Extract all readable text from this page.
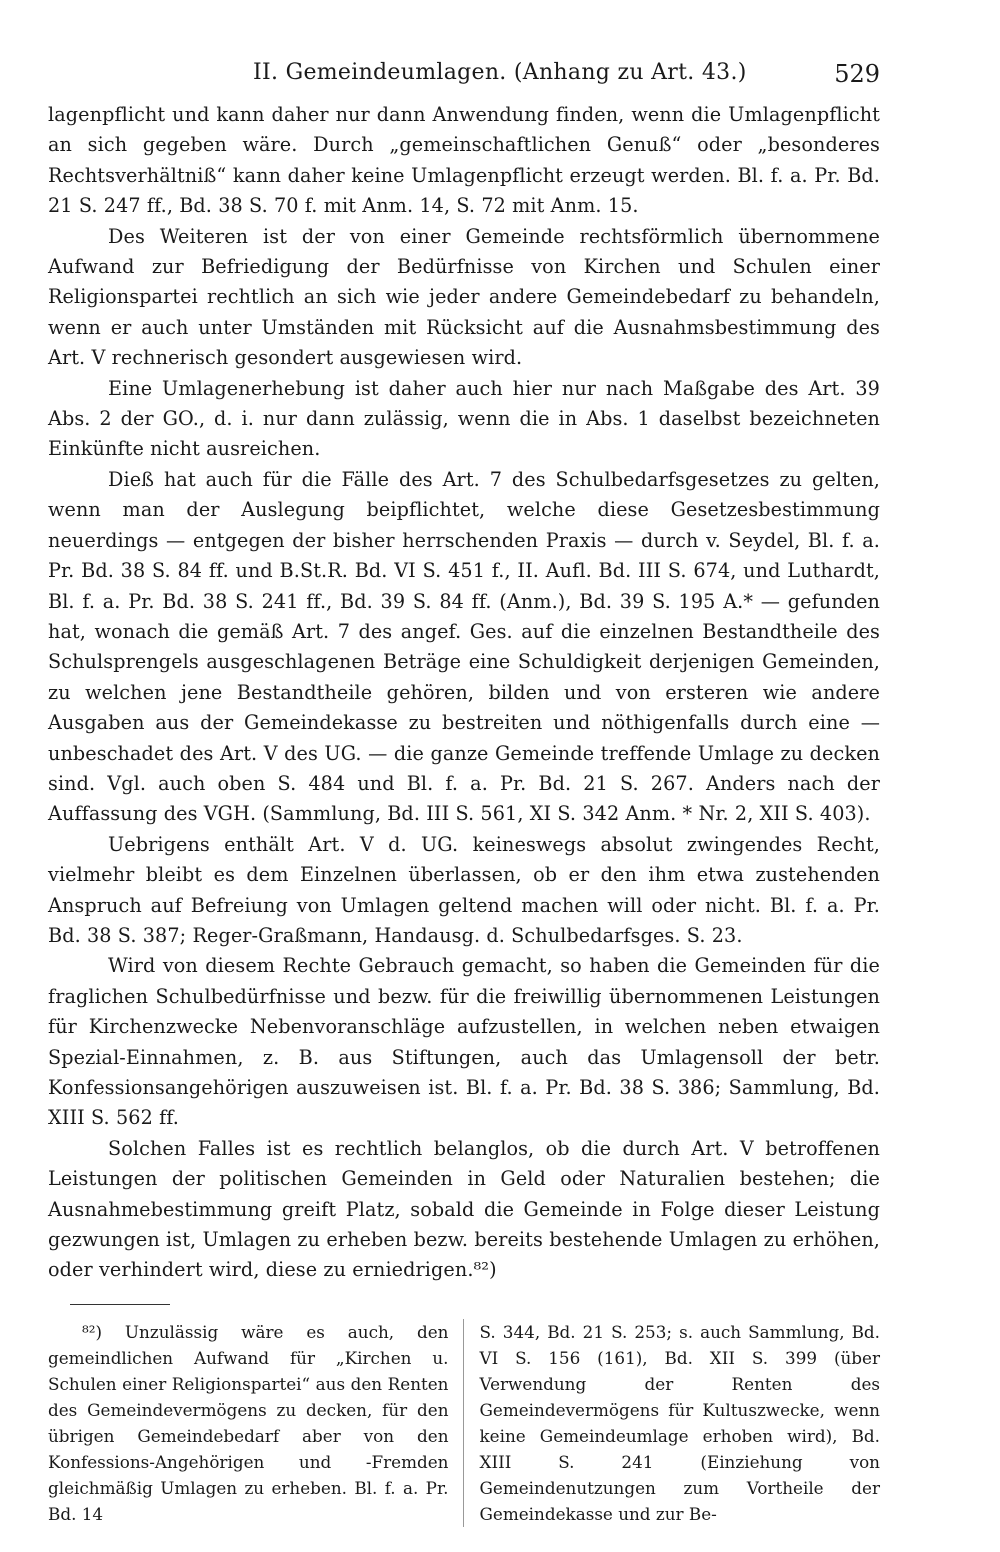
II. Gemeindeumlagen. (Anhang zu Art. 43.)	529

lagenpflicht und kann daher nur dann Anwendung finden, wenn die Umlagenpflicht an sich gegeben wäre. Durch „gemeinschaftlichen Genuß“ oder „besonderes Rechtsverhältniß“ kann daher keine Umlagenpflicht erzeugt werden. Bl. f. a. Pr. Bd. 21 S. 247 ff., Bd. 38 S. 70 f. mit Anm. 14, S. 72 mit Anm. 15.

Des Weiteren ist der von einer Gemeinde rechtsförmlich übernommene Aufwand zur Befriedigung der Bedürfnisse von Kirchen und Schulen einer Religionspartei rechtlich an sich wie jeder andere Gemeindebedarf zu behandeln, wenn er auch unter Umständen mit Rücksicht auf die Ausnahmsbestimmung des Art. V rechnerisch gesondert ausgewiesen wird.

Eine Umlagenerhebung ist daher auch hier nur nach Maßgabe des Art. 39 Abs. 2 der GO., d. i. nur dann zulässig, wenn die in Abs. 1 daselbst bezeichneten Einkünfte nicht ausreichen.

Dieß hat auch für die Fälle des Art. 7 des Schulbedarfsgesetzes zu gelten, wenn man der Auslegung beipflichtet, welche diese Gesetzesbestimmung neuerdings — entgegen der bisher herrschenden Praxis — durch v. Seydel, Bl. f. a. Pr. Bd. 38 S. 84 ff. und B.St.R. Bd. VI S. 451 f., II. Aufl. Bd. III S. 674, und Luthardt, Bl. f. a. Pr. Bd. 38 S. 241 ff., Bd. 39 S. 84 ff. (Anm.), Bd. 39 S. 195 A.* — gefunden hat, wonach die gemäß Art. 7 des angef. Ges. auf die einzelnen Bestandtheile des Schulsprengels ausgeschlagenen Beträge eine Schuldigkeit derjenigen Gemeinden, zu welchen jene Bestandtheile gehören, bilden und von ersteren wie andere Ausgaben aus der Gemeindekasse zu bestreiten und nöthigenfalls durch eine — unbeschadet des Art. V des UG. — die ganze Gemeinde treffende Umlage zu decken sind. Vgl. auch oben S. 484 und Bl. f. a. Pr. Bd. 21 S. 267. Anders nach der Auffassung des VGH. (Sammlung, Bd. III S. 561, XI S. 342 Anm. * Nr. 2, XII S. 403).

Uebrigens enthält Art. V d. UG. keineswegs absolut zwingendes Recht, vielmehr bleibt es dem Einzelnen überlassen, ob er den ihm etwa zustehenden Anspruch auf Befreiung von Umlagen geltend machen will oder nicht. Bl. f. a. Pr. Bd. 38 S. 387; Reger-Graßmann, Handausg. d. Schulbedarfsges. S. 23.

Wird von diesem Rechte Gebrauch gemacht, so haben die Gemeinden für die fraglichen Schulbedürfnisse und bezw. für die freiwillig übernommenen Leistungen für Kirchenzwecke Nebenvoranschläge aufzustellen, in welchen neben etwaigen Spezial-Einnahmen, z. B. aus Stiftungen, auch das Umlagensoll der betr. Konfessionsangehörigen auszuweisen ist. Bl. f. a. Pr. Bd. 38 S. 386; Sammlung, Bd. XIII S. 562 ff.

Solchen Falles ist es rechtlich belanglos, ob die durch Art. V betroffenen Leistungen der politischen Gemeinden in Geld oder Naturalien bestehen; die Ausnahmebestimmung greift Platz, sobald die Gemeinde in Folge dieser Leistung gezwungen ist, Umlagen zu erheben bezw. bereits bestehende Umlagen zu erhöhen, oder verhindert wird, diese zu erniedrigen.⁸²)

⁸²) Unzulässig wäre es auch, den gemeindlichen Aufwand für „Kirchen u. Schulen einer Religionspartei“ aus den Renten des Gemeindevermögens zu decken, für den übrigen Gemeindebedarf aber von den Konfessions-Angehörigen und -Fremden gleichmäßig Umlagen zu erheben. Bl. f. a. Pr. Bd. 14

S. 344, Bd. 21 S. 253; s. auch Sammlung, Bd. VI S. 156 (161), Bd. XII S. 399 (über Verwendung der Renten des Gemeindevermögens für Kultuszwecke, wenn keine Gemeindeumlage erhoben wird), Bd. XIII S. 241 (Einziehung von Gemeindenutzungen zum Vortheile der Gemeindekasse und zur Be-
